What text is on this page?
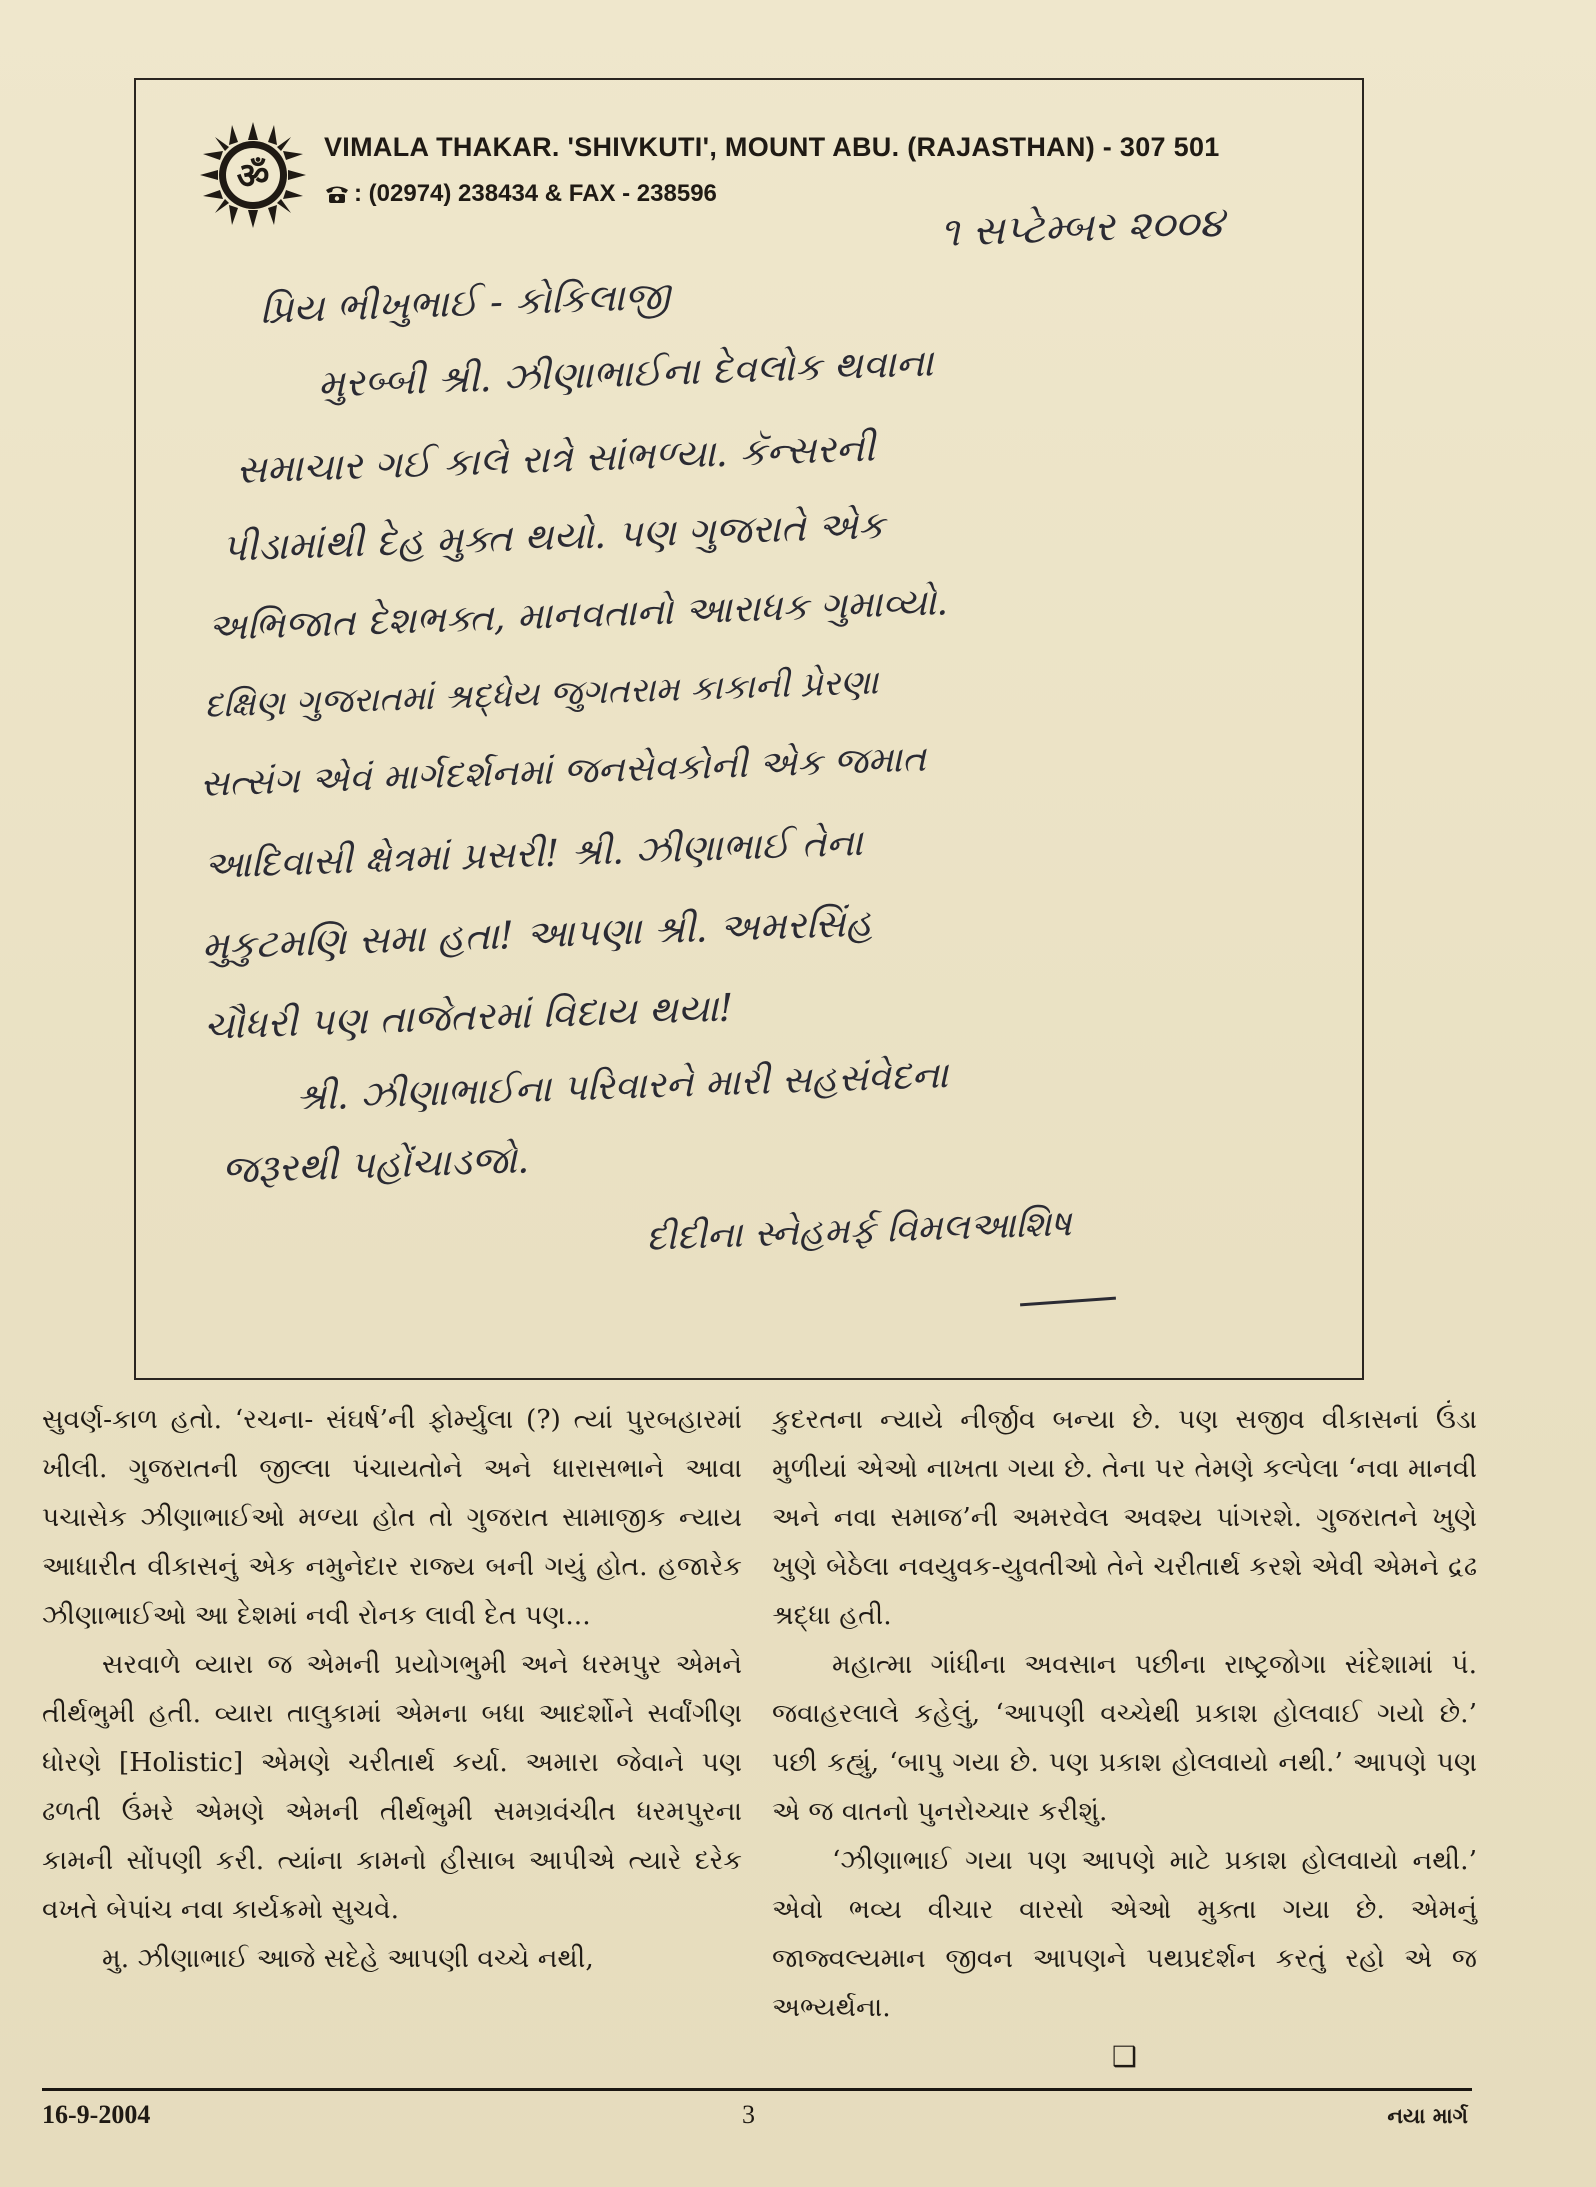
ॐ
VIMALA THAKAR. 'SHIVKUTI', MOUNT ABU. (RAJASTHAN) - 307 501
: (02974) 238434 & FAX - 238596
૧ સપ્ટેમ્બર ૨૦૦૪
પ્રિય ભીખુભાઈ - કોકિલાજી
મુરબ્બી શ્રી. ઝીણાભાઈના દેવલોક થવાના
સમાચાર ગઈ કાલે રાત્રે સાંભળ્યા. કૅન્સરની
પીડામાંથી દેહ મુક્ત થયો. પણ ગુજરાતે એક
અભિજાત દેશભક્ત, માનવતાનો આરાધક ગુમાવ્યો.
દક્ષિણ ગુજરાતમાં શ્રદ્ધેય જુગતરામ કાકાની પ્રેરણા
સત્સંગ એવં માર્ગદર્શનમાં જનસેવકોની એક જમાત
આદિવાસી ક્ષેત્રમાં પ્રસરી! શ્રી. ઝીણાભાઈ તેના
મુકુટમણિ સમા હતા! આપણા શ્રી. અમરસિંહ
ચૌધરી પણ તાજેતરમાં વિદાય થયા!
શ્રી. ઝીણાભાઈના પરિવારને મારી સહસંવેદના
જરૂરથી પહોંચાડજો.
દીદીના સ્નેહમર્ફ વિમલઆશિષ

સુવર્ણ-કાળ હતો. ‘રચના- સંઘર્ષ’ની ફોર્મ્યુલા (?) ત્યાં પુરબહારમાં ખીલી. ગુજરાતની જીલ્લા પંચાયતોને અને ધારાસભાને આવા પચાસેક ઝીણાભાઈઓ મળ્યા હોત તો ગુજરાત સામાજીક ન્યાય આધારીત વીકાસનું એક નમુનેદાર રાજ્ય બની ગયું હોત. હજારેક ઝીણાભાઈઓ આ દેશમાં નવી રોનક લાવી દેત પણ...

સરવાળે વ્યારા જ એમની પ્રયોગભુમી અને ધરમપુર એમને તીર્થભુમી હતી. વ્યારા તાલુકામાં એમના બધા આદર્શોને સર્વાંગીણ ધોરણે [Holistic] એમણે ચરીતાર્થ કર્યા. અમારા જેવાને પણ ઢળતી ઉંમરે એમણે એમની તીર્થભુમી સમગ્રવંચીત ધરમપુરના કામની સોંપણી કરી. ત્યાંના કામનો હીસાબ આપીએ ત્યારે દરેક વખતે બેપાંચ નવા કાર્યક્રમો સુચવે.

મુ. ઝીણાભાઈ આજે સદેહે આપણી વચ્ચે નથી,

કુદરતના ન્યાયે નીર્જીવ બન્યા છે. પણ સજીવ વીકાસનાં ઉંડા મુળીયાં એઓ નાખતા ગયા છે. તેના પર તેમણે કલ્પેલા ‘નવા માનવી અને નવા સમાજ’ની અમરવેલ અવશ્ય પાંગરશે. ગુજરાતને ખુણે ખુણે બેઠેલા નવયુવક-યુવતીઓ તેને ચરીતાર્થ કરશે એવી એમને દ્રઢ શ્રદ્ધા હતી.

મહાત્મા ગાંધીના અવસાન પછીના રાષ્ટ્રજોગા સંદેશામાં પં. જવાહરલાલે કહેલું, ‘આપણી વચ્ચેથી પ્રકાશ હોલવાઈ ગયો છે.’ પછી કહ્યું, ‘બાપુ ગયા છે. પણ પ્રકાશ હોલવાયો નથી.’ આપણે પણ એ જ વાતનો પુનરોચ્ચાર કરીશું.

‘ઝીણાભાઈ ગયા પણ આપણે માટે પ્રકાશ હોલવાયો નથી.’ એવો ભવ્ય વીચાર વારસો એઓ મુક્તા ગયા છે. એમનું જાજ્વલ્યમાન જીવન આપણને પથપ્રદર્શન કરતું રહો એ જ અભ્યર્થના.

❑
16-9-2004	3	નયા માર્ગ
